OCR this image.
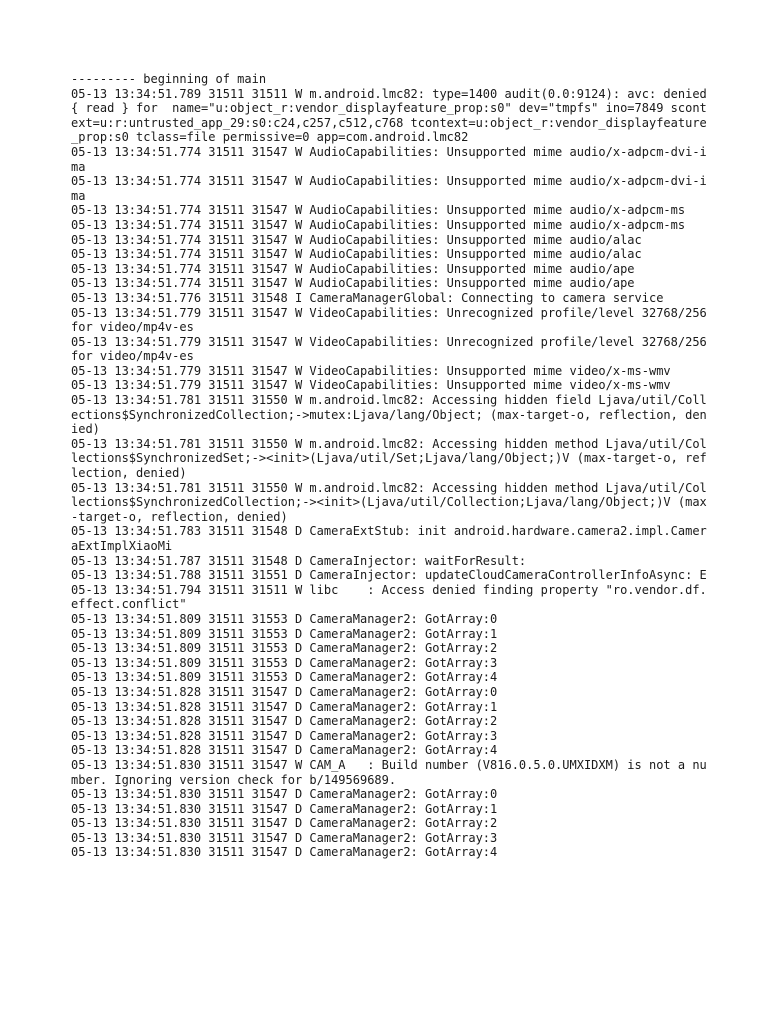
--------- beginning of main

05-13 13:34:51.789 31511 31511 W m.android.lmc82: type=1400 audit(0.0:9124): avc: denied  { read } for  name="u:object_r:vendor_displayfeature_prop:s0" dev="tmpfs" ino=7849 scontext=u:r:untrusted_app_29:s0:c24,c257,c512,c768 tcontext=u:object_r:vendor_displayfeature_prop:s0 tclass=file permissive=0 app=com.android.lmc82

05-13 13:34:51.774 31511 31547 W AudioCapabilities: Unsupported mime audio/x-adpcm-dvi-ima

05-13 13:34:51.774 31511 31547 W AudioCapabilities: Unsupported mime audio/x-adpcm-dvi-ima

05-13 13:34:51.774 31511 31547 W AudioCapabilities: Unsupported mime audio/x-adpcm-ms

05-13 13:34:51.774 31511 31547 W AudioCapabilities: Unsupported mime audio/x-adpcm-ms

05-13 13:34:51.774 31511 31547 W AudioCapabilities: Unsupported mime audio/alac

05-13 13:34:51.774 31511 31547 W AudioCapabilities: Unsupported mime audio/alac

05-13 13:34:51.774 31511 31547 W AudioCapabilities: Unsupported mime audio/ape

05-13 13:34:51.774 31511 31547 W AudioCapabilities: Unsupported mime audio/ape

05-13 13:34:51.776 31511 31548 I CameraManagerGlobal: Connecting to camera service

05-13 13:34:51.779 31511 31547 W VideoCapabilities: Unrecognized profile/level 32768/256 for video/mp4v-es

05-13 13:34:51.779 31511 31547 W VideoCapabilities: Unrecognized profile/level 32768/256 for video/mp4v-es

05-13 13:34:51.779 31511 31547 W VideoCapabilities: Unsupported mime video/x-ms-wmv

05-13 13:34:51.779 31511 31547 W VideoCapabilities: Unsupported mime video/x-ms-wmv

05-13 13:34:51.781 31511 31550 W m.android.lmc82: Accessing hidden field Ljava/util/Collections$SynchronizedCollection;->mutex:Ljava/lang/Object; (max-target-o, reflection, denied)

05-13 13:34:51.781 31511 31550 W m.android.lmc82: Accessing hidden method Ljava/util/Collections$SynchronizedSet;-><init>(Ljava/util/Set;Ljava/lang/Object;)V (max-target-o, reflection, denied)

05-13 13:34:51.781 31511 31550 W m.android.lmc82: Accessing hidden method Ljava/util/Collections$SynchronizedCollection;-><init>(Ljava/util/Collection;Ljava/lang/Object;)V (max-target-o, reflection, denied)

05-13 13:34:51.783 31511 31548 D CameraExtStub: init android.hardware.camera2.impl.CameraExtImplXiaoMi

05-13 13:34:51.787 31511 31548 D CameraInjector: waitForResult:

05-13 13:34:51.788 31511 31551 D CameraInjector: updateCloudCameraControllerInfoAsync: E

05-13 13:34:51.794 31511 31511 W libc    : Access denied finding property "ro.vendor.df.effect.conflict"

05-13 13:34:51.809 31511 31553 D CameraManager2: GotArray:0

05-13 13:34:51.809 31511 31553 D CameraManager2: GotArray:1

05-13 13:34:51.809 31511 31553 D CameraManager2: GotArray:2

05-13 13:34:51.809 31511 31553 D CameraManager2: GotArray:3

05-13 13:34:51.809 31511 31553 D CameraManager2: GotArray:4

05-13 13:34:51.828 31511 31547 D CameraManager2: GotArray:0

05-13 13:34:51.828 31511 31547 D CameraManager2: GotArray:1

05-13 13:34:51.828 31511 31547 D CameraManager2: GotArray:2

05-13 13:34:51.828 31511 31547 D CameraManager2: GotArray:3

05-13 13:34:51.828 31511 31547 D CameraManager2: GotArray:4

05-13 13:34:51.830 31511 31547 W CAM_A   : Build number (V816.0.5.0.UMXIDXM) is not a number. Ignoring version check for b/149569689.

05-13 13:34:51.830 31511 31547 D CameraManager2: GotArray:0

05-13 13:34:51.830 31511 31547 D CameraManager2: GotArray:1

05-13 13:34:51.830 31511 31547 D CameraManager2: GotArray:2

05-13 13:34:51.830 31511 31547 D CameraManager2: GotArray:3

05-13 13:34:51.830 31511 31547 D CameraManager2: GotArray:4
